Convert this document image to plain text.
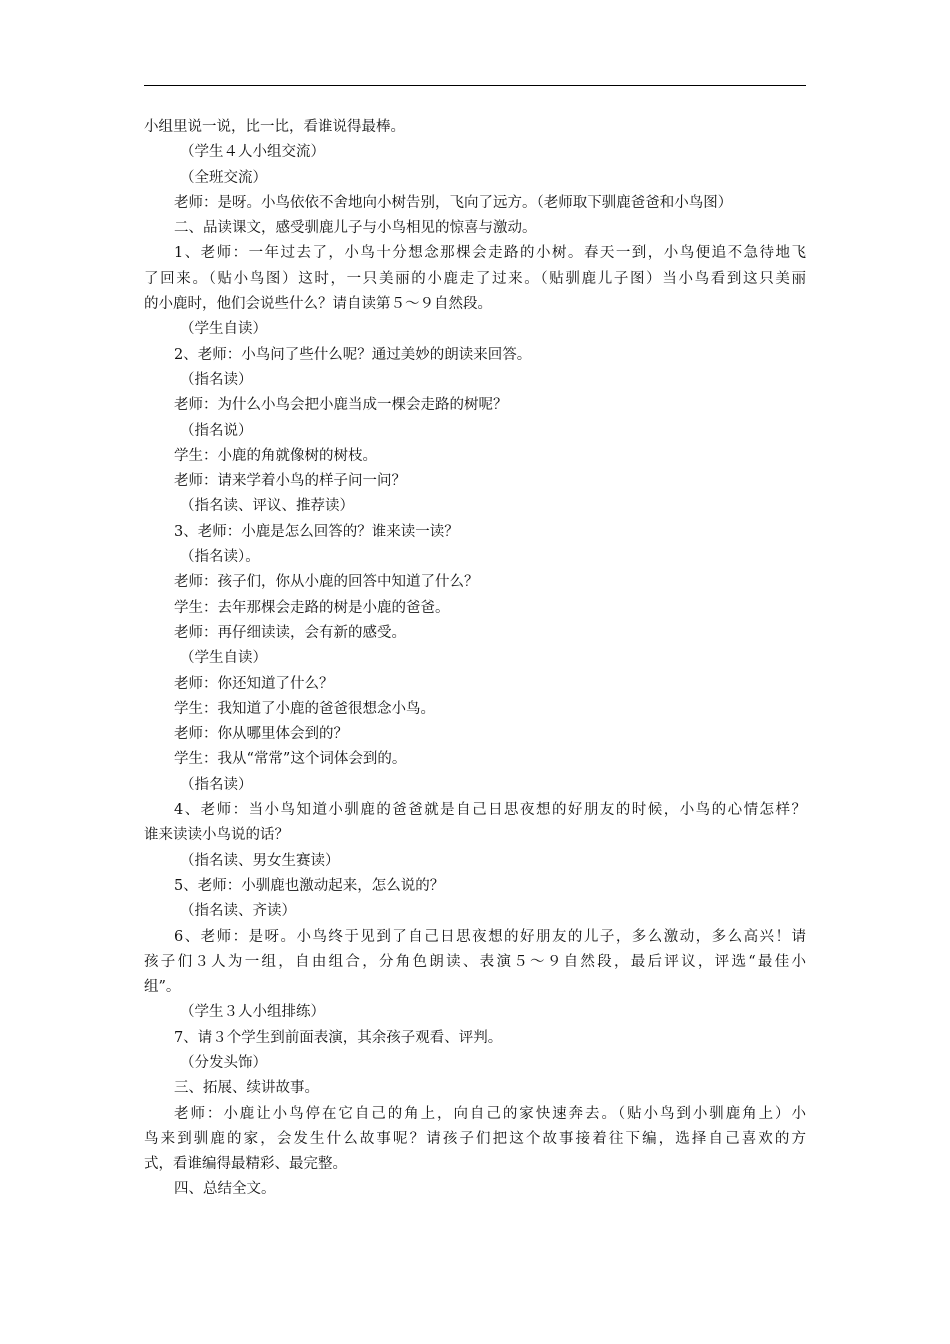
小组里说一说，比一比，看谁说得最棒。
（学生４人小组交流）
（全班交流）
老师：是呀。小鸟依依不舍地向小树告别，飞向了远方。（老师取下驯鹿爸爸和小鸟图）
二、品读课文，感受驯鹿儿子与小鸟相见的惊喜与激动。
1、老师：一年过去了，小鸟十分想念那棵会走路的小树。春天一到，小鸟便追不急待地飞
了回来。（贴小鸟图）这时，一只美丽的小鹿走了过来。（贴驯鹿儿子图）当小鸟看到这只美丽
的小鹿时，他们会说些什么？请自读第５～９自然段。
（学生自读）
2、老师：小鸟问了些什么呢？通过美妙的朗读来回答。
（指名读）
老师：为什么小鸟会把小鹿当成一棵会走路的树呢？
（指名说）
学生：小鹿的角就像树的树枝。
老师：请来学着小鸟的样子问一问？
（指名读、评议、推荐读）
3、老师：小鹿是怎么回答的？谁来读一读？
（指名读）。
老师：孩子们，你从小鹿的回答中知道了什么？
学生：去年那棵会走路的树是小鹿的爸爸。
老师：再仔细读读，会有新的感受。
（学生自读）
老师：你还知道了什么？
学生：我知道了小鹿的爸爸很想念小鸟。
老师：你从哪里体会到的？
学生：我从“常常”这个词体会到的。
（指名读）
4、老师：当小鸟知道小驯鹿的爸爸就是自己日思夜想的好朋友的时候，小鸟的心情怎样？
谁来读读小鸟说的话？
（指名读、男女生赛读）
5、老师：小驯鹿也激动起来，怎么说的？
（指名读、齐读）
6、老师：是呀。小鸟终于见到了自己日思夜想的好朋友的儿子，多么激动，多么高兴！请
孩子们３人为一组，自由组合，分角色朗读、表演５～９自然段，最后评议，评选“最佳小
组”。
（学生３人小组排练）
7、请３个学生到前面表演，其余孩子观看、评判。
（分发头饰）
三、拓展、续讲故事。
老师：小鹿让小鸟停在它自己的角上，向自己的家快速奔去。（贴小鸟到小驯鹿角上）小
鸟来到驯鹿的家，会发生什么故事呢？请孩子们把这个故事接着往下编，选择自己喜欢的方
式，看谁编得最精彩、最完整。
四、总结全文。
